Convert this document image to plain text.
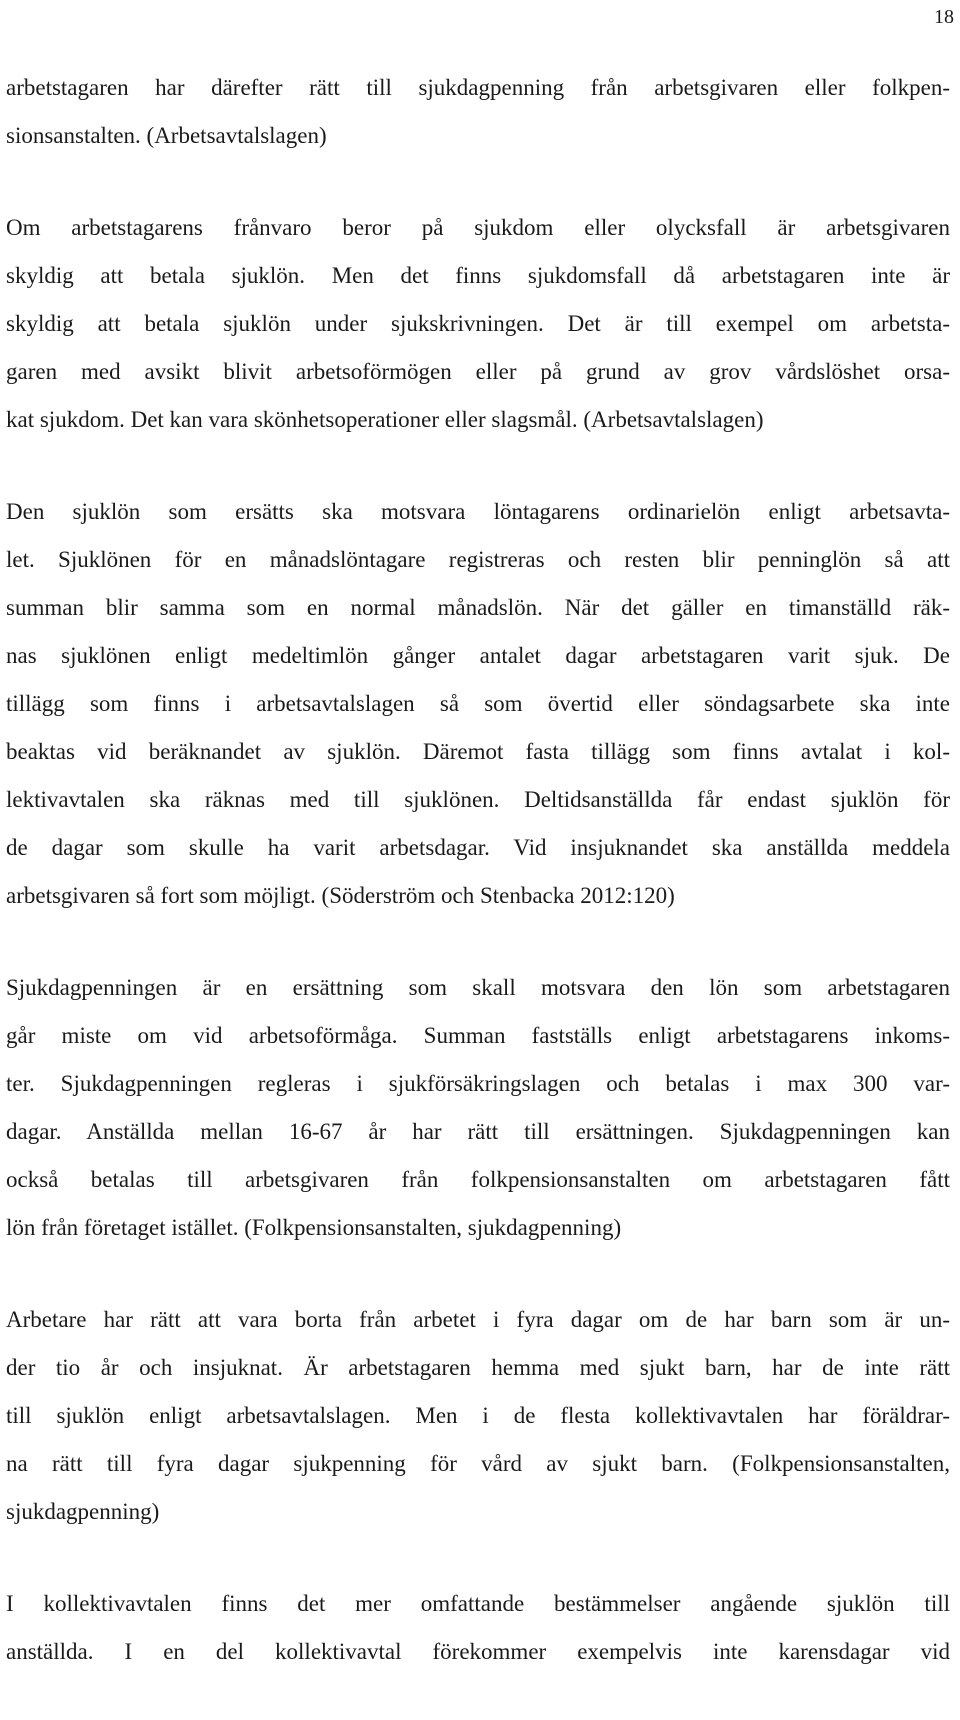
18

arbetstagaren har därefter rätt till sjukdagpenning från arbetsgivaren eller folkpen-
sionsanstalten. (Arbetsavtalslagen)

Om arbetstagarens frånvaro beror på sjukdom eller olycksfall är arbetsgivaren
skyldig att betala sjuklön. Men det finns sjukdomsfall då arbetstagaren inte är
skyldig att betala sjuklön under sjukskrivningen. Det är till exempel om arbetsta-
garen med avsikt blivit arbetsoförmögen eller på grund av grov vårdslöshet orsa-
kat sjukdom. Det kan vara skönhetsoperationer eller slagsmål. (Arbetsavtalslagen)

Den sjuklön som ersätts ska motsvara löntagarens ordinarielön enligt arbetsavta-
let. Sjuklönen för en månadslöntagare registreras och resten blir penninglön så att
summan blir samma som en normal månadslön. När det gäller en timanställd räk-
nas sjuklönen enligt medeltimlön gånger antalet dagar arbetstagaren varit sjuk. De
tillägg som finns i arbetsavtalslagen så som övertid eller söndagsarbete ska inte
beaktas vid beräknandet av sjuklön. Däremot fasta tillägg som finns avtalat i kol-
lektivavtalen ska räknas med till sjuklönen. Deltidsanställda får endast sjuklön för
de dagar som skulle ha varit arbetsdagar. Vid insjuknandet ska anställda meddela
arbetsgivaren så fort som möjligt. (Söderström och Stenbacka 2012:120)

Sjukdagpenningen är en ersättning som skall motsvara den lön som arbetstagaren
går miste om vid arbetsoförmåga. Summan fastställs enligt arbetstagarens inkoms-
ter. Sjukdagpenningen regleras i sjukförsäkringslagen och betalas i max 300 var-
dagar. Anställda mellan 16-67 år har rätt till ersättningen. Sjukdagpenningen kan
också betalas till arbetsgivaren från folkpensionsanstalten om arbetstagaren fått
lön från företaget istället. (Folkpensionsanstalten, sjukdagpenning)

Arbetare har rätt att vara borta från arbetet i fyra dagar om de har barn som är un-
der tio år och insjuknat. Är arbetstagaren hemma med sjukt barn, har de inte rätt
till sjuklön enligt arbetsavtalslagen. Men i de flesta kollektivavtalen har föräldrar-
na rätt till fyra dagar sjukpenning för vård av sjukt barn. (Folkpensionsanstalten,
sjukdagpenning)

I kollektivavtalen finns det mer omfattande bestämmelser angående sjuklön till
anställda. I en del kollektivavtal förekommer exempelvis inte karensdagar vid
